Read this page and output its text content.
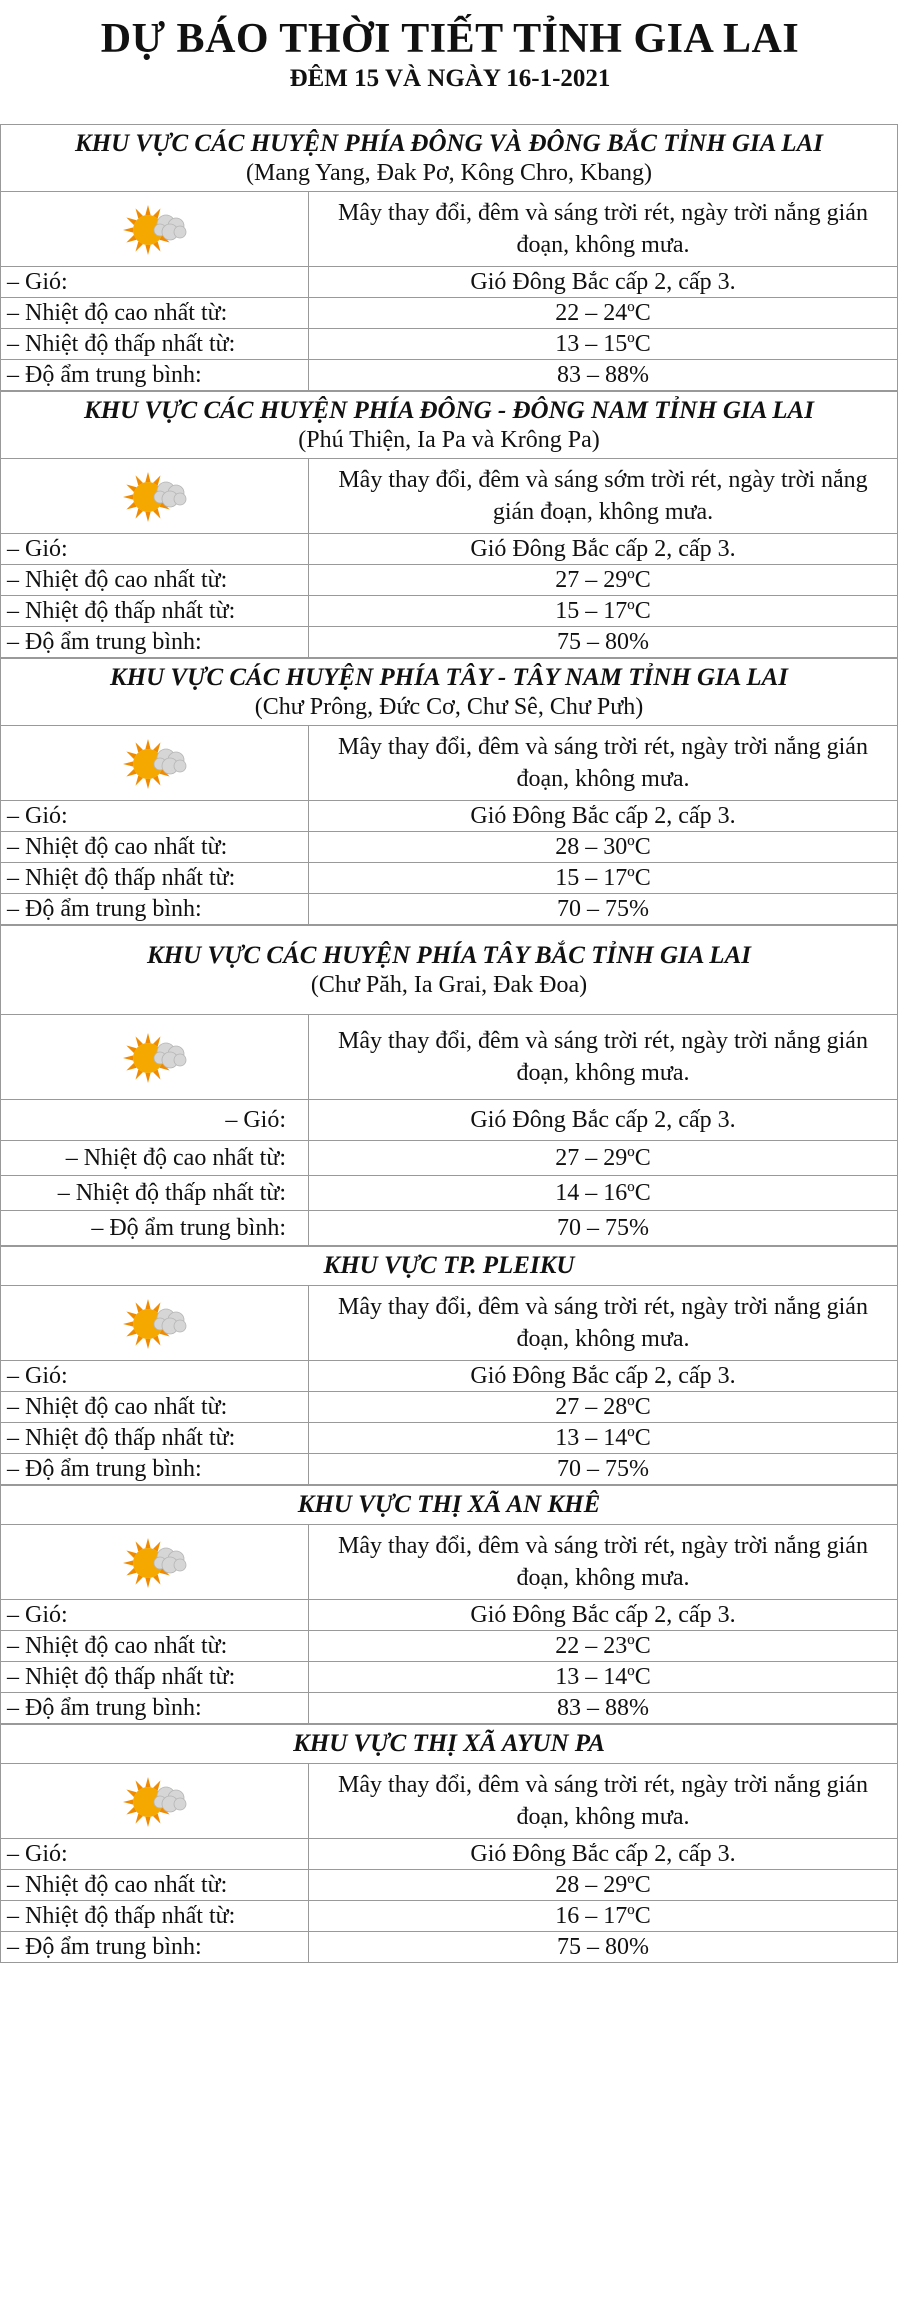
DỰ BÁO THỜI TIẾT TỈNH GIA LAI
ĐÊM 15 VÀ NGÀY 16-1-2021
KHU VỰC CÁC HUYỆN PHÍA ĐÔNG VÀ ĐÔNG BẮC TỈNH GIA LAI
(Mang Yang, Đak Pơ, Kông Chro, Kbang)
Mây thay đổi, đêm và sáng trời rét, ngày trời nắng gián đoạn, không mưa.
– Gió:	Gió Đông Bắc cấp 2, cấp 3.
– Nhiệt độ cao nhất từ:	22 – 24ºC
– Nhiệt độ thấp nhất từ:	13 – 15ºC
– Độ ẩm trung bình:	83 – 88%
KHU VỰC CÁC HUYỆN PHÍA ĐÔNG - ĐÔNG NAM TỈNH GIA LAI
(Phú Thiện, Ia Pa và Krông Pa)
Mây thay đổi, đêm và sáng sớm trời rét, ngày trời nắng gián đoạn, không mưa.
– Gió:	Gió Đông Bắc cấp 2, cấp 3.
– Nhiệt độ cao nhất từ:	27 – 29ºC
– Nhiệt độ thấp nhất từ:	15 – 17ºC
– Độ ẩm trung bình:	75 – 80%
KHU VỰC CÁC HUYỆN PHÍA TÂY - TÂY NAM TỈNH GIA LAI
(Chư Prông, Đức Cơ, Chư Sê, Chư Pưh)
Mây thay đổi, đêm và sáng trời rét, ngày trời nắng gián đoạn, không mưa.
– Gió:	Gió Đông Bắc cấp 2, cấp 3.
– Nhiệt độ cao nhất từ:	28 – 30ºC
– Nhiệt độ thấp nhất từ:	15 – 17ºC
– Độ ẩm trung bình:	70 – 75%
KHU VỰC CÁC HUYỆN PHÍA TÂY BẮC TỈNH GIA LAI
(Chư Păh, Ia Grai, Đak Đoa)
Mây thay đổi, đêm và sáng trời rét, ngày trời nắng gián đoạn, không mưa.
– Gió:	Gió Đông Bắc cấp 2, cấp 3.
– Nhiệt độ cao nhất từ:	27 – 29ºC
– Nhiệt độ thấp nhất từ:	14 – 16ºC
– Độ ẩm trung bình:	70 – 75%
KHU VỰC TP. PLEIKU
Mây thay đổi, đêm và sáng trời rét, ngày trời nắng gián đoạn, không mưa.
– Gió:	Gió Đông Bắc cấp 2, cấp 3.
– Nhiệt độ cao nhất từ:	27 – 28ºC
– Nhiệt độ thấp nhất từ:	13 – 14ºC
– Độ ẩm trung bình:	70 – 75%
KHU VỰC THỊ XÃ AN KHÊ
Mây thay đổi, đêm và sáng trời rét, ngày trời nắng gián đoạn, không mưa.
– Gió:	Gió Đông Bắc cấp 2, cấp 3.
– Nhiệt độ cao nhất từ:	22 – 23ºC
– Nhiệt độ thấp nhất từ:	13 – 14ºC
– Độ ẩm trung bình:	83 – 88%
KHU VỰC THỊ XÃ AYUN PA
Mây thay đổi, đêm và sáng trời rét, ngày trời nắng gián đoạn, không mưa.
– Gió:	Gió Đông Bắc cấp 2, cấp 3.
– Nhiệt độ cao nhất từ:	28 – 29ºC
– Nhiệt độ thấp nhất từ:	16 – 17ºC
– Độ ẩm trung bình:	75 – 80%
